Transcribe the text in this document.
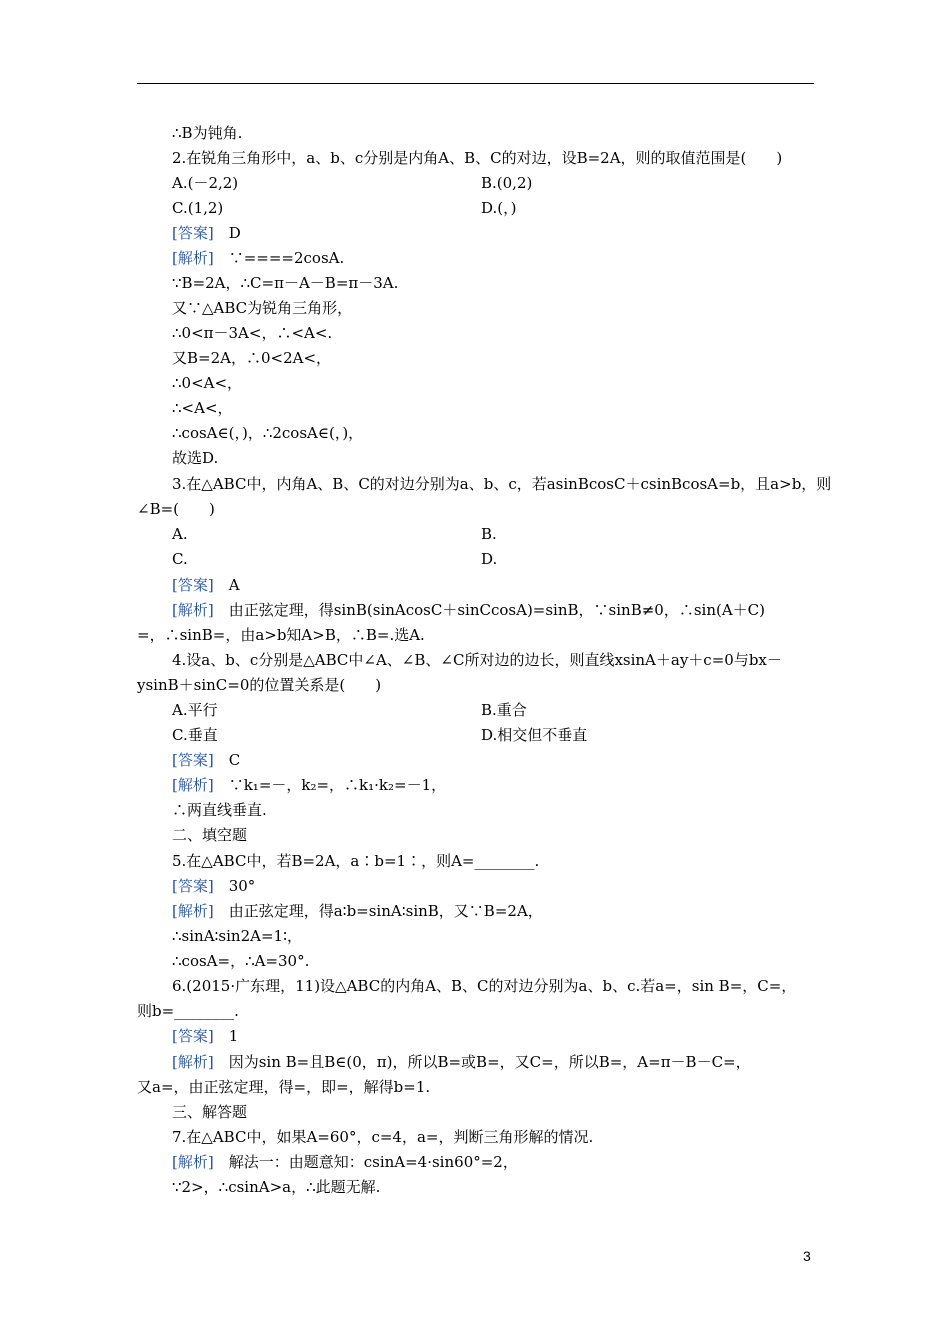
∴B为钝角.
2.在锐角三角形中，a、b、c分别是内角A、B、C的对边，设B=2A，则的取值范围是(　　)
A.(－2,2)	B.(0,2)
C.(1,2)	D.(，)
[答案]　D
[解析]　∵====2cosA.
∵B=2A，∴C=π－A－B=π－3A.
又∵△ABC为锐角三角形，
∴0<π－3A<，∴<A<.
又B=2A，∴0<2A<，
∴0<A<，
∴<A<，
∴cosA∈(，)，∴2cosA∈(，)，
故选D.
3.在△ABC中，内角A、B、C的对边分别为a、b、c，若asinBcosC＋csinBcosA=b，且a>b，则
∠B=(　　)
A.	B.
C.	D.
[答案]　A
[解析]　由正弦定理，得sinB(sinAcosC＋sinCcosA)=sinB，∵sinB≠0，∴sin(A＋C)
=，∴sinB=，由a>b知A>B，∴B=.选A.
4.设a、b、c分别是△ABC中∠A、∠B、∠C所对边的边长，则直线xsinA＋ay＋c=0与bx－
ysinB＋sinC=0的位置关系是(　　)
A.平行	B.重合
C.垂直	D.相交但不垂直
[答案]　C
[解析]　∵k₁=－，k₂=，∴k₁·k₂=－1，
∴两直线垂直.
二、填空题
5.在△ABC中，若B=2A，a∶b=1∶，则A=________.
[答案]　30°
[解析]　由正弦定理，得a∶b=sinA∶sinB，又∵B=2A，
∴sinA∶sin2A=1∶，
∴cosA=，∴A=30°.
6.(2015·广东理，11)设△ABC的内角A、B、C的对边分别为a、b、c.若a=，sin B=，C=，
则b=________.
[答案]　1
[解析]　因为sin B=且B∈(0，π)，所以B=或B=，又C=，所以B=，A=π－B－C=，
又a=，由正弦定理，得=，即=，解得b=1.
三、解答题
7.在△ABC中，如果A=60°，c=4，a=，判断三角形解的情况.
[解析]　解法一：由题意知：csinA=4·sin60°=2，
∵2>，∴csinA>a，∴此题无解.
3
